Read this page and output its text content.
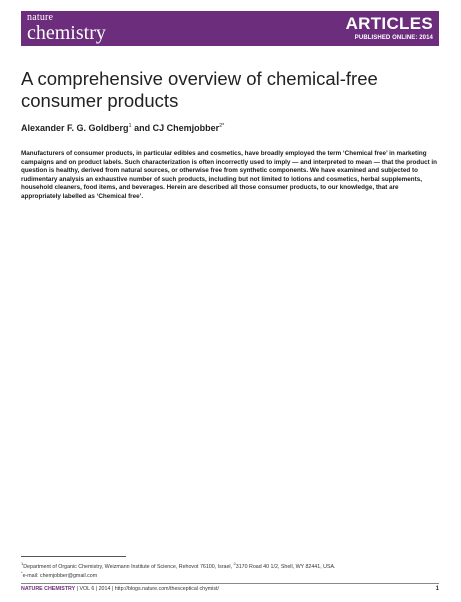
nature
chemistry	ARTICLES
PUBLISHED ONLINE: 2014
A comprehensive overview of chemical-free consumer products
Alexander F. G. Goldberg$^1$ and CJ Chemjobber$^{2*}$

Manufacturers of consumer products, in particular edibles and cosmetics, have broadly employed the term ‘Chemical free’ in marketing campaigns and on product labels. Such characterization is often incorrectly used to imply — and interpreted to mean — that the product in question is healthy, derived from natural sources, or otherwise free from synthetic components. We have examined and subjected to rudimentary analysis an exhaustive number of such products, including but not limited to lotions and cosmetics, herbal supplements, household cleaners, food items, and beverages. Herein are described all those consumer products, to our knowledge, that are appropriately labelled as ‘Chemical free’.

$^1$Department of Organic Chemistry, Weizmann Institute of Science, Rehovot 76100, Israel, $^2$3170 Road 40 1/2, Shell, WY 82441, USA.
*e-mail: chemjobber@gmail.com
NATURE CHEMISTRY | VOL 6 | 2014 | http://blogs.nature.com/thesceptical chymist/	1
